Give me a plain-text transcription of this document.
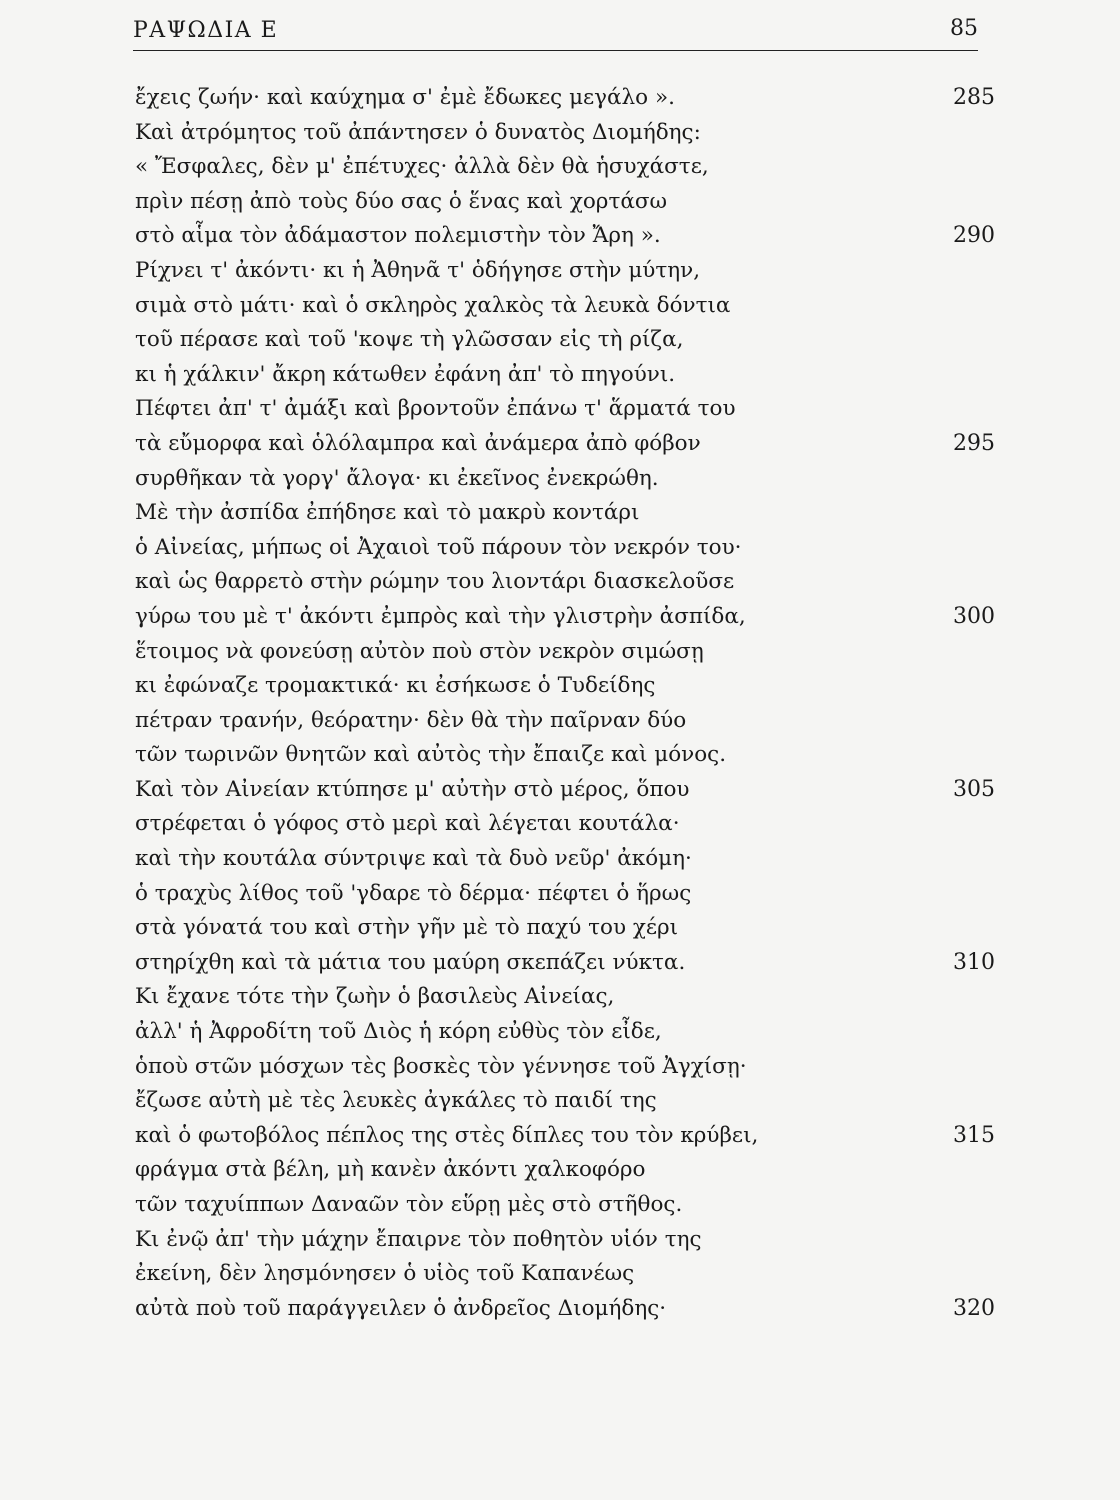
ΡΑΨΩΔΙΑ Ε	85
ἔχεις ζωήν· καὶ καύχημα σ' ἐμὲ ἔδωκες μεγάλο ».	285
Καὶ ἀτρόμητος τοῦ ἀπάντησεν ὁ δυνατὸς Διομήδης:
« Ἔσφαλες, δὲν μ' ἐπέτυχες· ἀλλὰ δὲν θὰ ἡσυχάστε,
πρὶν πέσῃ ἀπὸ τοὺς δύο σας ὁ ἕνας καὶ χορτάσω
στὸ αἷμα τὸν ἀδάμαστον πολεμιστὴν τὸν Ἄρη ».	290
Ρίχνει τ' ἀκόντι· κι ἡ Ἀθηνᾶ τ' ὁδήγησε στὴν μύτην,
σιμὰ στὸ μάτι· καὶ ὁ σκληρὸς χαλκὸς τὰ λευκὰ δόντια
τοῦ πέρασε καὶ τοῦ 'κοψε τὴ γλῶσσαν εἰς τὴ ρίζα,
κι ἡ χάλκιν' ἄκρη κάτωθεν ἐφάνη ἀπ' τὸ πηγούνι.
Πέφτει ἀπ' τ' ἀμάξι καὶ βροντοῦν ἐπάνω τ' ἅρματά του
τὰ εὔμορφα καὶ ὁλόλαμπρα καὶ ἀνάμερα ἀπὸ φόβον	295
συρθῆκαν τὰ γοργ' ἄλογα· κι ἐκεῖνος ἐνεκρώθη.
Μὲ τὴν ἀσπίδα ἐπήδησε καὶ τὸ μακρὺ κοντάρι
ὁ Αἰνείας, μήπως οἱ Ἀχαιοὶ τοῦ πάρουν τὸν νεκρόν του·
καὶ ὡς θαρρετὸ στὴν ρώμην του λιοντάρι διασκελοῦσε
γύρω του μὲ τ' ἀκόντι ἐμπρὸς καὶ τὴν γλιστρὴν ἀσπίδα,	300
ἕτοιμος νὰ φονεύσῃ αὐτὸν ποὺ στὸν νεκρὸν σιμώσῃ
κι ἐφώναζε τρομακτικά· κι ἐσήκωσε ὁ Τυδείδης
πέτραν τρανήν, θεόρατην· δὲν θὰ τὴν παῖρναν δύο
τῶν τωρινῶν θνητῶν καὶ αὐτὸς τὴν ἔπαιζε καὶ μόνος.
Καὶ τὸν Αἰνείαν κτύπησε μ' αὐτὴν στὸ μέρος, ὅπου	305
στρέφεται ὁ γόφος στὸ μερὶ καὶ λέγεται κουτάλα·
καὶ τὴν κουτάλα σύντριψε καὶ τὰ δυὸ νεῦρ' ἀκόμη·
ὁ τραχὺς λίθος τοῦ 'γδαρε τὸ δέρμα· πέφτει ὁ ἥρως
στὰ γόνατά του καὶ στὴν γῆν μὲ τὸ παχύ του χέρι
στηρίχθη καὶ τὰ μάτια του μαύρη σκεπάζει νύκτα.	310
Κι ἔχανε τότε τὴν ζωὴν ὁ βασιλεὺς Αἰνείας,
ἀλλ' ἡ Ἀφροδίτη τοῦ Διὸς ἡ κόρη εὐθὺς τὸν εἶδε,
ὁποὺ στῶν μόσχων τὲς βοσκὲς τὸν γέννησε τοῦ Ἀγχίσῃ·
ἔζωσε αὐτὴ μὲ τὲς λευκὲς ἀγκάλες τὸ παιδί της
καὶ ὁ φωτοβόλος πέπλος της στὲς δίπλες του τὸν κρύβει,	315
φράγμα στὰ βέλη, μὴ κανὲν ἀκόντι χαλκοφόρο
τῶν ταχυίππων Δαναῶν τὸν εὕρῃ μὲς στὸ στῆθος.
Κι ἐνῷ ἀπ' τὴν μάχην ἔπαιρνε τὸν ποθητὸν υἱόν της
ἐκείνη, δὲν λησμόνησεν ὁ υἱὸς τοῦ Καπανέως
αὐτὰ ποὺ τοῦ παράγγειλεν ὁ ἀνδρεῖος Διομήδης·	320
